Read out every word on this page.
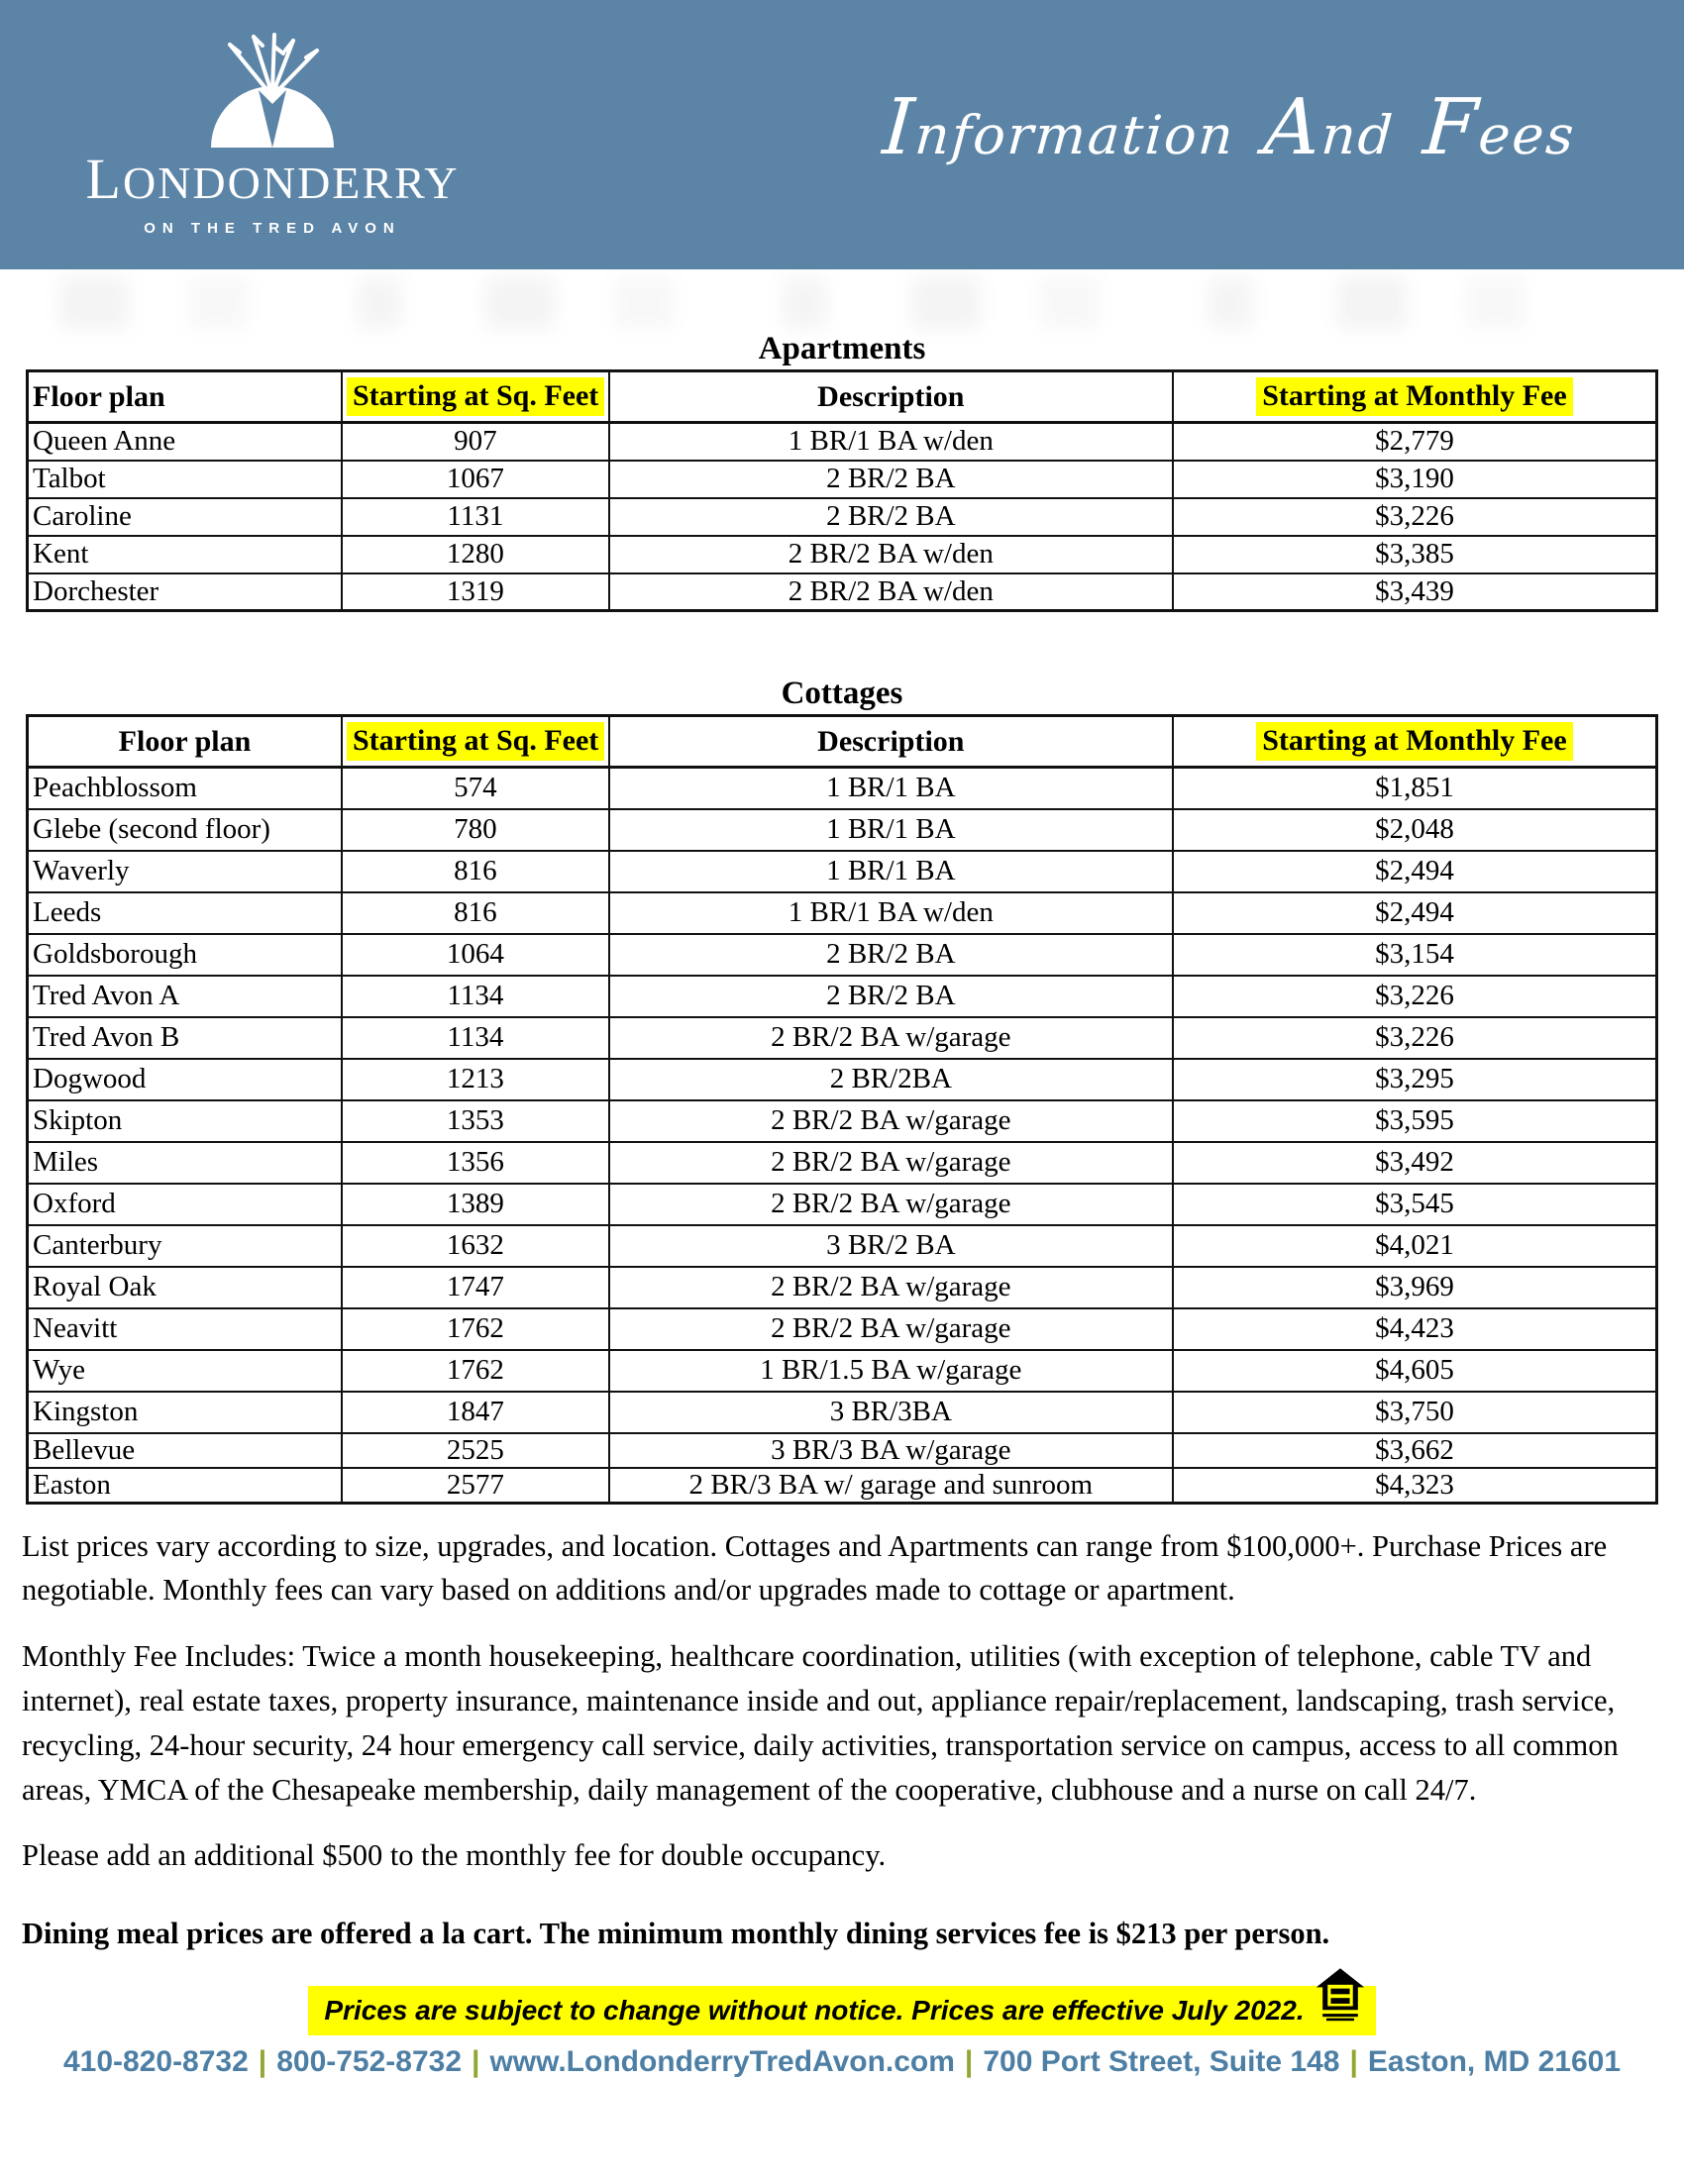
LONDONDERRY
ON THE TRED AVON
Information And Fees
Apartments
Floor plan	Starting at Sq. Feet	Description	Starting at Monthly Fee
Queen Anne	907	1 BR/1 BA w/den	$2,779
Talbot	1067	2 BR/2 BA	$3,190
Caroline	1131	2 BR/2 BA	$3,226
Kent	1280	2 BR/2 BA w/den	$3,385
Dorchester	1319	2 BR/2 BA w/den	$3,439
Cottages
Floor plan	Starting at Sq. Feet	Description	Starting at Monthly Fee
Peachblossom	574	1 BR/1 BA	$1,851
Glebe (second floor)	780	1 BR/1 BA	$2,048
Waverly	816	1 BR/1 BA	$2,494
Leeds	816	1 BR/1 BA w/den	$2,494
Goldsborough	1064	2 BR/2 BA	$3,154
Tred Avon A	1134	2 BR/2 BA	$3,226
Tred Avon B	1134	2 BR/2 BA w/garage	$3,226
Dogwood	1213	2 BR/2BA	$3,295
Skipton	1353	2 BR/2 BA w/garage	$3,595
Miles	1356	2 BR/2 BA w/garage	$3,492
Oxford	1389	2 BR/2 BA w/garage	$3,545
Canterbury	1632	3 BR/2 BA	$4,021
Royal Oak	1747	2 BR/2 BA w/garage	$3,969
Neavitt	1762	2 BR/2 BA w/garage	$4,423
Wye	1762	1 BR/1.5 BA w/garage	$4,605
Kingston	1847	3 BR/3BA	$3,750
Bellevue	2525	3 BR/3 BA w/garage	$3,662
Easton	2577	2 BR/3 BA w/ garage and sunroom	$4,323

List prices vary according to size, upgrades, and location. Cottages and Apartments can range from $100,000+. Purchase Prices are negotiable. Monthly fees can vary based on additions and/or upgrades made to cottage or apartment.

Monthly Fee Includes: Twice a month housekeeping, healthcare coordination, utilities (with exception of telephone, cable TV and internet), real estate taxes, property insurance, maintenance inside and out, appliance repair/replacement, landscaping, trash service, recycling, 24-hour security, 24 hour emergency call service, daily activities, transportation service on campus, access to all common areas, YMCA of the Chesapeake membership, daily management of the cooperative, clubhouse and a nurse on call 24/7.

Please add an additional $500 to the monthly fee for double occupancy.

Dining meal prices are offered a la cart. The minimum monthly dining services fee is $213 per person.

Prices are subject to change without notice. Prices are effective July 2022.
410-820-8732 | 800-752-8732 | www.LondonderryTredAvon.com | 700 Port Street, Suite 148 | Easton, MD 21601
